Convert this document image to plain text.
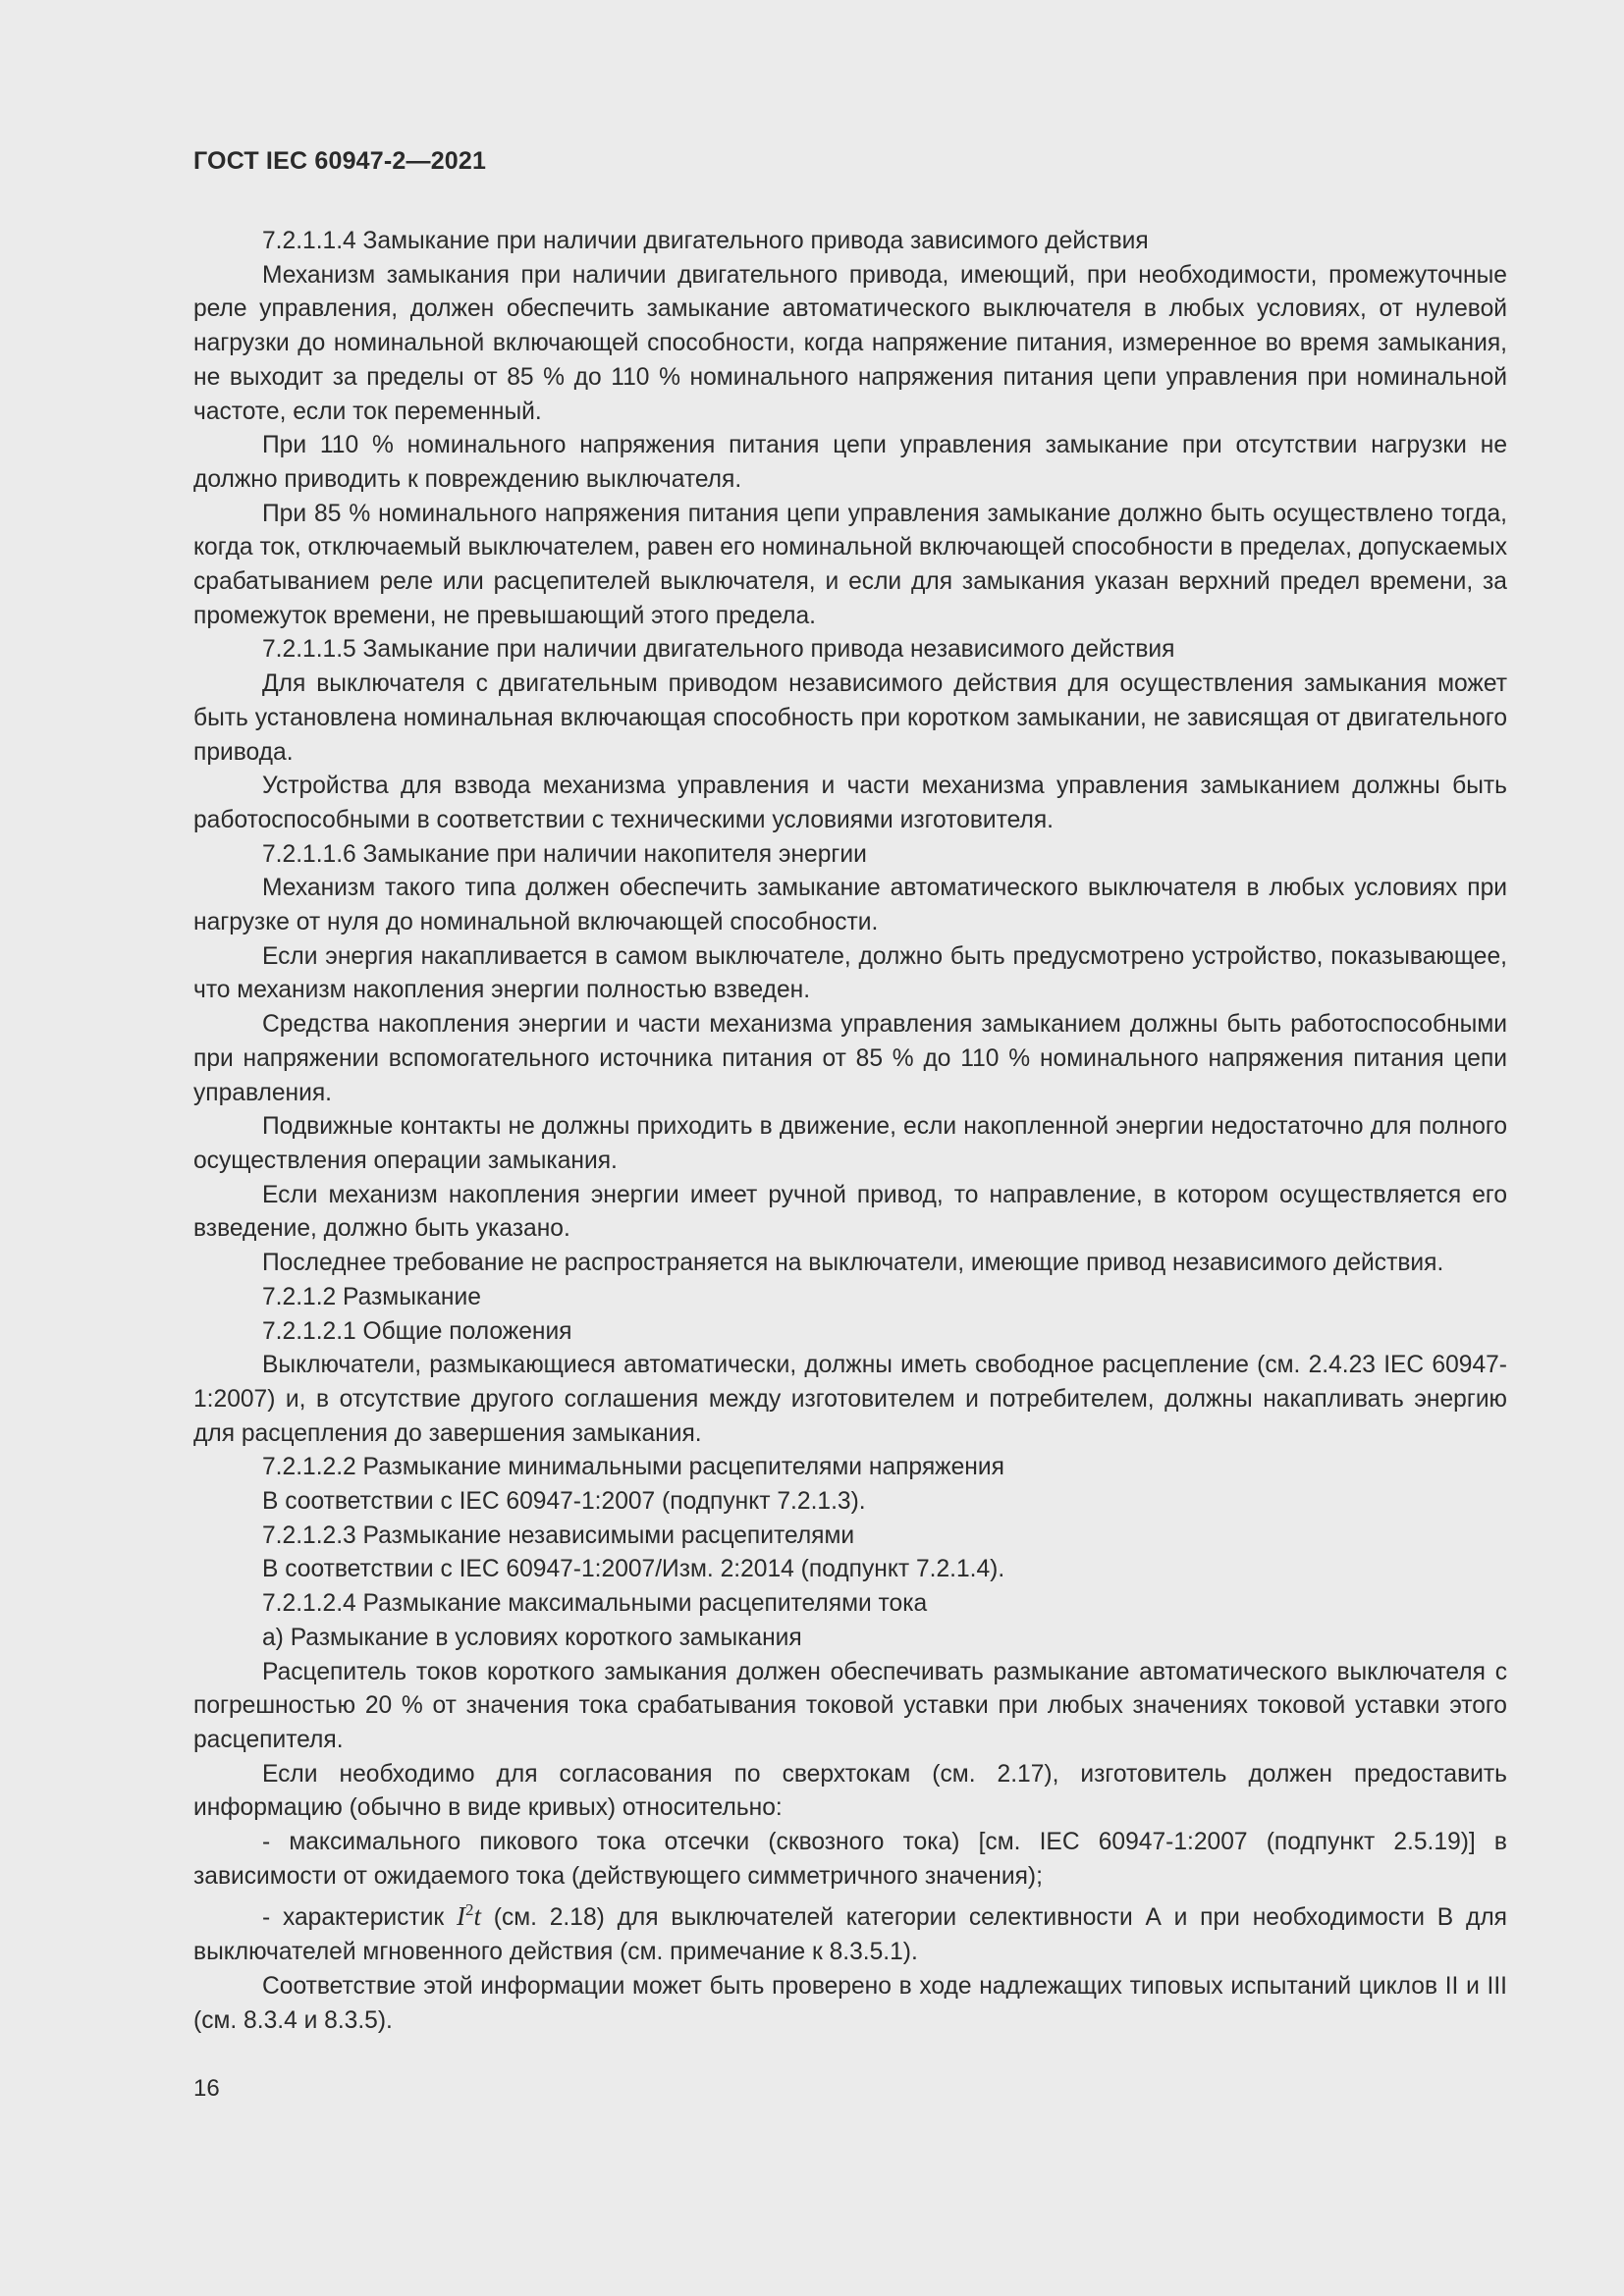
ГОСТ IEC 60947-2—2021

7.2.1.1.4 Замыкание при наличии двигательного привода зависимого действия

Механизм замыкания при наличии двигательного привода, имеющий, при необходимости, промежуточные реле управления, должен обеспечить замыкание автоматического выключателя в любых условиях, от нулевой нагрузки до номинальной включающей способности, когда напряжение питания, измеренное во время замыкания, не выходит за пределы от 85 % до 110 % номинального напряжения питания цепи управления при номинальной частоте, если ток переменный.

При 110 % номинального напряжения питания цепи управления замыкание при отсутствии нагрузки не должно приводить к повреждению выключателя.

При 85 % номинального напряжения питания цепи управления замыкание должно быть осуществлено тогда, когда ток, отключаемый выключателем, равен его номинальной включающей способности в пределах, допускаемых срабатыванием реле или расцепителей выключателя, и если для замыкания указан верхний предел времени, за промежуток времени, не превышающий этого предела.

7.2.1.1.5 Замыкание при наличии двигательного привода независимого действия

Для выключателя с двигательным приводом независимого действия для осуществления замыкания может быть установлена номинальная включающая способность при коротком замыкании, не зависящая от двигательного привода.

Устройства для взвода механизма управления и части механизма управления замыканием должны быть работоспособными в соответствии с техническими условиями изготовителя.

7.2.1.1.6 Замыкание при наличии накопителя энергии

Механизм такого типа должен обеспечить замыкание автоматического выключателя в любых условиях при нагрузке от нуля до номинальной включающей способности.

Если энергия накапливается в самом выключателе, должно быть предусмотрено устройство, показывающее, что механизм накопления энергии полностью взведен.

Средства накопления энергии и части механизма управления замыканием должны быть работоспособными при напряжении вспомогательного источника питания от 85 % до 110 % номинального напряжения питания цепи управления.

Подвижные контакты не должны приходить в движение, если накопленной энергии недостаточно для полного осуществления операции замыкания.

Если механизм накопления энергии имеет ручной привод, то направление, в котором осуществляется его взведение, должно быть указано.

Последнее требование не распространяется на выключатели, имеющие привод независимого действия.

7.2.1.2 Размыкание

7.2.1.2.1 Общие положения

Выключатели, размыкающиеся автоматически, должны иметь свободное расцепление (см. 2.4.23 IEC 60947-1:2007) и, в отсутствие другого соглашения между изготовителем и потребителем, должны накапливать энергию для расцепления до завершения замыкания.

7.2.1.2.2 Размыкание минимальными расцепителями напряжения

В соответствии с IEC 60947-1:2007 (подпункт 7.2.1.3).

7.2.1.2.3 Размыкание независимыми расцепителями

В соответствии с IEC 60947-1:2007/Изм. 2:2014 (подпункт 7.2.1.4).

7.2.1.2.4 Размыкание максимальными расцепителями тока

а) Размыкание в условиях короткого замыкания

Расцепитель токов короткого замыкания должен обеспечивать размыкание автоматического выключателя с погрешностью 20 % от значения тока срабатывания токовой уставки при любых значениях токовой уставки этого расцепителя.

Если необходимо для согласования по сверхтокам (см. 2.17), изготовитель должен предоставить информацию (обычно в виде кривых) относительно:

- максимального пикового тока отсечки (сквозного тока) [см. IEC 60947-1:2007 (подпункт 2.5.19)] в зависимости от ожидаемого тока (действующего симметричного значения);

- характеристик $I^2t$ (см. 2.18) для выключателей категории селективности А и при необходимости В для выключателей мгновенного действия (см. примечание к 8.3.5.1).

Соответствие этой информации может быть проверено в ходе надлежащих типовых испытаний циклов II и III (см. 8.3.4 и 8.3.5).

16
